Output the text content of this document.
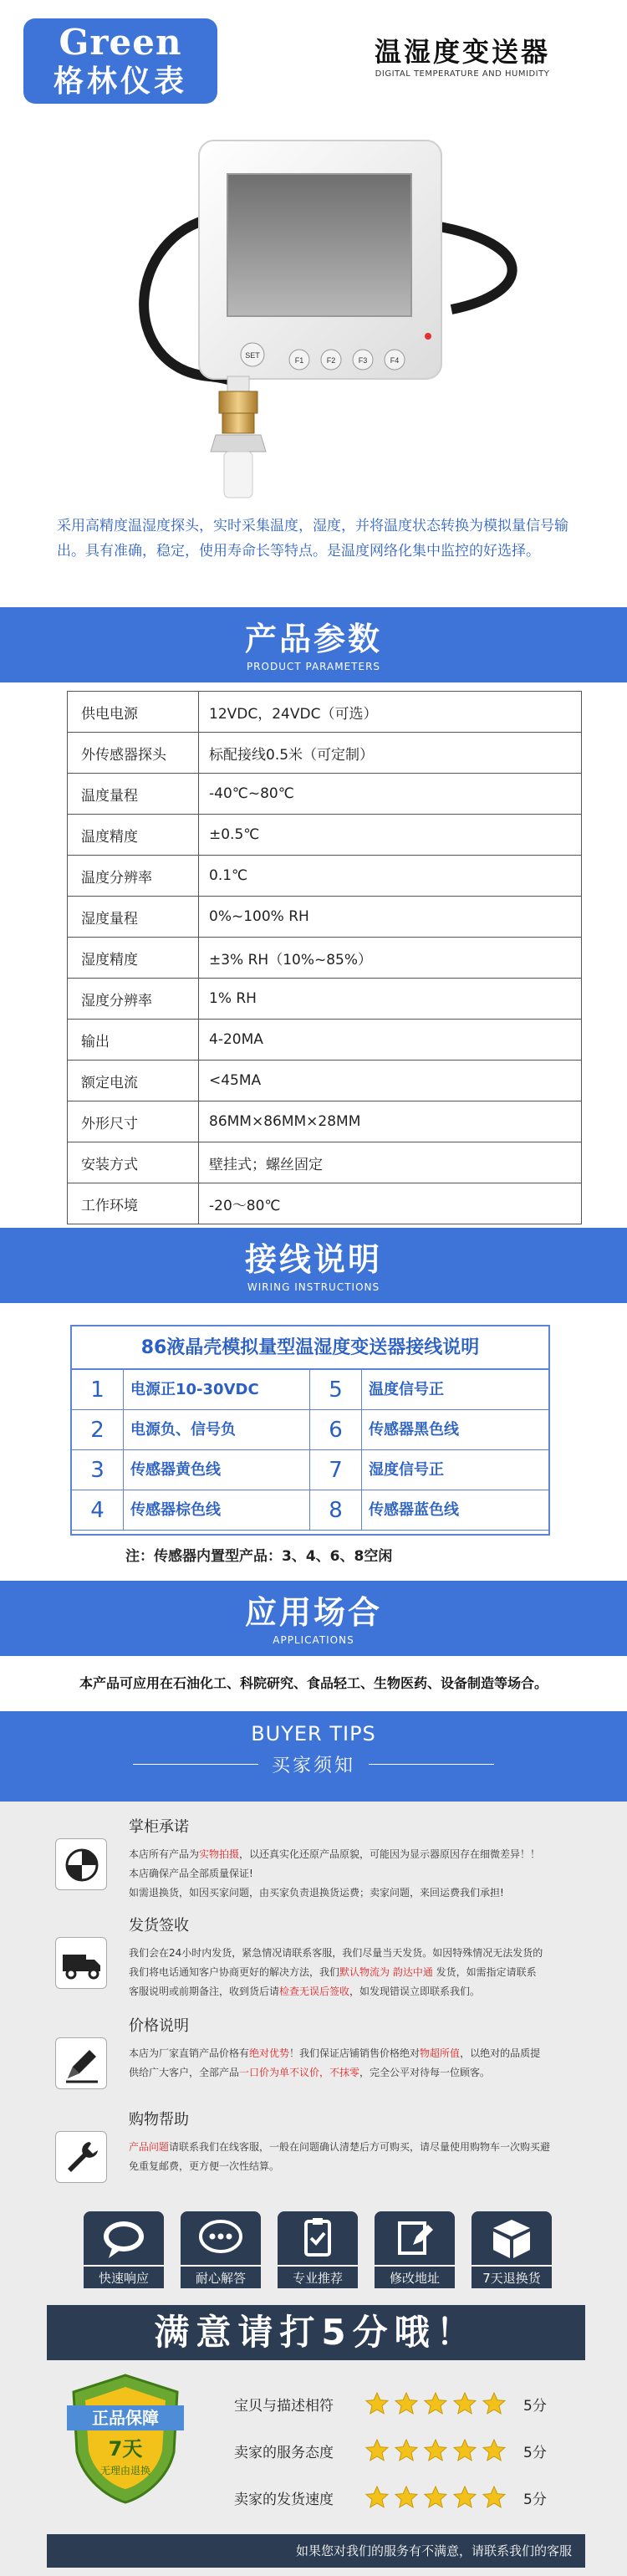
Green
格林仪表
温湿度变送器
DIGITAL TEMPERATURE AND HUMIDITY
SET
F1	F2	F3	F4
采用高精度温湿度探头，实时采集温度，湿度，并将温度状态转换为模拟量信号输出。具有准确，稳定，使用寿命长等特点。是温度网络化集中监控的好选择。
产品参数
PRODUCT PARAMETERS
供电电源	12VDC，24VDC（可选）
外传感器探头	标配接线0.5米（可定制）
温度量程	-40℃~80℃
温度精度	±0.5℃
温度分辨率	0.1℃
湿度量程	0%~100% RH
湿度精度	±3% RH（10%~85%）
湿度分辨率	1% RH
输出	4-20MA
额定电流	<45MA
外形尺寸	86MM×86MM×28MM
安装方式	壁挂式；螺丝固定
工作环境	-20～80℃
接线说明
WIRING INSTRUCTIONS
86液晶壳模拟量型温湿度变送器接线说明
1	电源正10-30VDC	5	温度信号正
2	电源负、信号负	6	传感器黑色线
3	传感器黄色线	7	湿度信号正
4	传感器棕色线	8	传感器蓝色线
注：传感器内置型产品：3、4、6、8空闲
应用场合
APPLICATIONS
本产品可应用在石油化工、科院研究、食品轻工、生物医药、设备制造等场合。
BUYER TIPS
买家须知
掌柜承诺
本店所有产品为实物拍摄，以还真实化还原产品原貌，可能因为显示器原因存在细微差异！！
本店确保产品全部质量保证!
如需退换货，如因买家问题，由买家负责退换货运费；卖家问题，来回运费我们承担!
发货签收
我们会在24小时内发货，紧急情况请联系客服，我们尽量当天发货。如因特殊情况无法发货的
我们将电话通知客户协商更好的解决方法，我们默认物流为 韵达中通 发货，如需指定请联系
客服说明或前期备注，收到货后请检查无误后签收，如发现错误立即联系我们。
价格说明
本店为厂家直销产品价格有绝对优势！我们保证店铺销售价格绝对物超所值，以绝对的品质提
供给广大客户，全部产品一口价为单不议价，不抹零，完全公平对待每一位顾客。
购物帮助
产品问题请联系我们在线客服，一般在问题确认清楚后方可购买，请尽量使用购物车一次购买避
免重复邮费，更方便一次性结算。
快速响应	耐心解答	专业推荐	修改地址	7天退换货
满意请打5分哦！
正品保障
7天
无理由退换
宝贝与描述相符	5分
卖家的服务态度	5分
卖家的发货速度	5分
如果您对我们的服务有不满意，请联系我们的客服
